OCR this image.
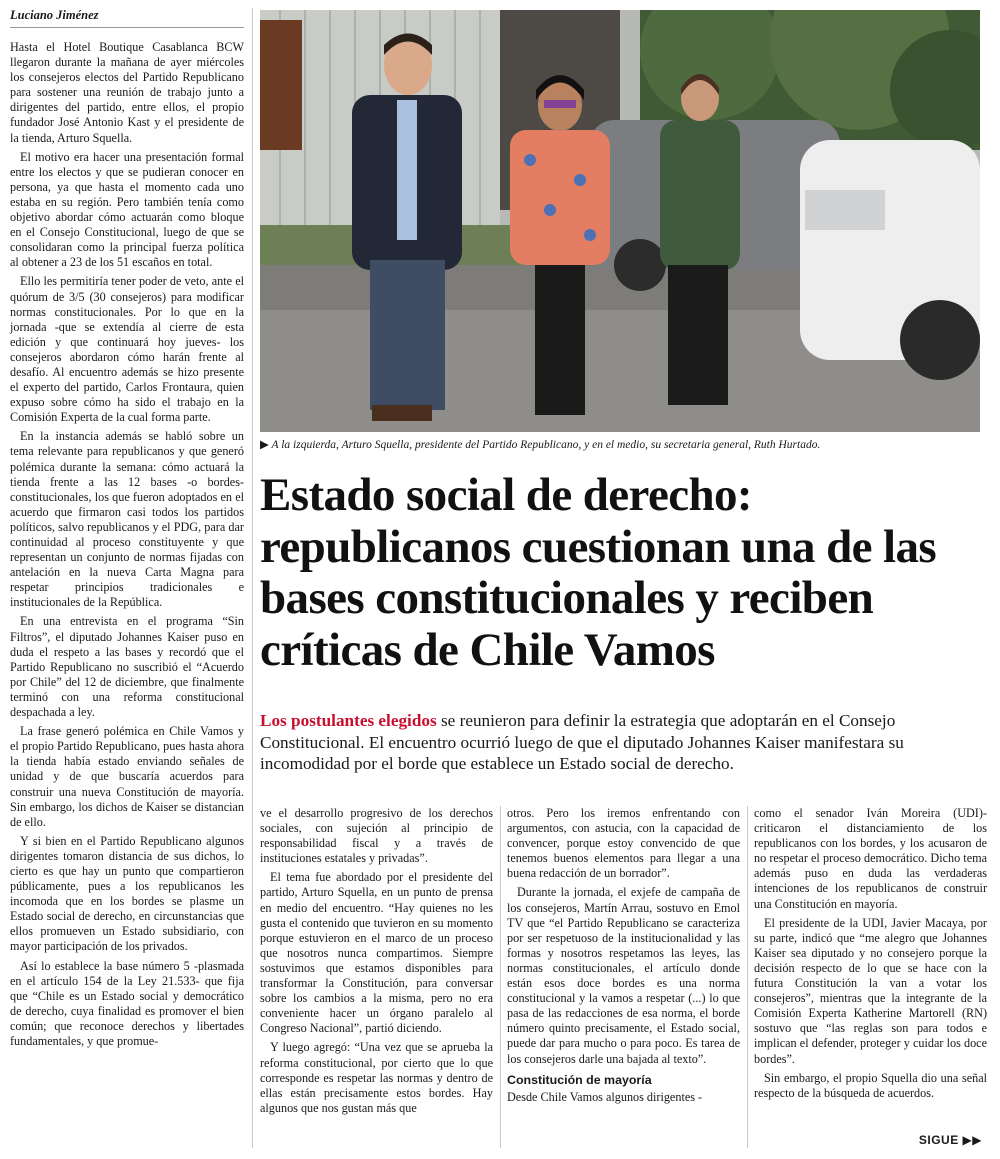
Luciano Jiménez

Hasta el Hotel Boutique Casablanca BCW llegaron durante la mañana de ayer miércoles los consejeros electos del Partido Republicano para sostener una reunión de trabajo junto a dirigentes del partido, entre ellos, el propio fundador José Antonio Kast y el presidente de la tienda, Arturo Squella.

El motivo era hacer una presentación formal entre los electos y que se pudieran conocer en persona, ya que hasta el momento cada uno estaba en su región. Pero también tenía como objetivo abordar cómo actuarán como bloque en el Consejo Constitucional, luego de que se consolidaran como la principal fuerza política al obtener a 23 de los 51 escaños en total.

Ello les permitiría tener poder de veto, ante el quórum de 3/5 (30 consejeros) para modificar normas constitucionales. Por lo que en la jornada -que se extendía al cierre de esta edición y que continuará hoy jueves- los consejeros abordaron cómo harán frente al desafío. Al encuentro además se hizo presente el experto del partido, Carlos Frontaura, quien expuso sobre cómo ha sido el trabajo en la Comisión Experta de la cual forma parte.

En la instancia además se habló sobre un tema relevante para republicanos y que generó polémica durante la semana: cómo actuará la tienda frente a las 12 bases -o bordes- constitucionales, los que fueron adoptados en el acuerdo que firmaron casi todos los partidos políticos, salvo republicanos y el PDG, para dar continuidad al proceso constituyente y que representan un conjunto de normas fijadas con antelación en la nueva Carta Magna para respetar principios tradicionales e institucionales de la República.

En una entrevista en el programa “Sin Filtros”, el diputado Johannes Kaiser puso en duda el respeto a las bases y recordó que el Partido Republicano no suscribió el “Acuerdo por Chile” del 12 de diciembre, que finalmente terminó con una reforma constitucional despachada a ley.

La frase generó polémica en Chile Vamos y el propio Partido Republicano, pues hasta ahora la tienda había estado enviando señales de unidad y de que buscaría acuerdos para construir una nueva Constitución de mayoría. Sin embargo, los dichos de Kaiser se distancian de ello.

Y si bien en el Partido Republicano algunos dirigentes tomaron distancia de sus dichos, lo cierto es que hay un punto que compartieron públicamente, pues a los republicanos les incomoda que en los bordes se plasme un Estado social de derecho, en circunstancias que ellos promueven un Estado subsidiario, con mayor participación de los privados.

Así lo establece la base número 5 -plasmada en el artículo 154 de la Ley 21.533- que fija que “Chile es un Estado social y democrático de derecho, cuya finalidad es promover el bien común; que reconoce derechos y libertades fundamentales, y que promue-

▶ A la izquierda, Arturo Squella, presidente del Partido Republicano, y en el medio, su secretaria general, Ruth Hurtado.
Estado social de derecho: republicanos cuestionan una de las bases constitucionales y reciben críticas de Chile Vamos

Los postulantes elegidos se reunieron para definir la estrategia que adoptarán en el Consejo Constitucional. El encuentro ocurrió luego de que el diputado Johannes Kaiser manifestara su incomodidad por el borde que establece un Estado social de derecho.

ve el desarrollo progresivo de los derechos sociales, con sujeción al principio de responsabilidad fiscal y a través de instituciones estatales y privadas”.

El tema fue abordado por el presidente del partido, Arturo Squella, en un punto de prensa en medio del encuentro. “Hay quienes no les gusta el contenido que tuvieron en su momento porque estuvieron en el marco de un proceso que nosotros nunca compartimos. Siempre sostuvimos que estamos disponibles para transformar la Constitución, para conversar sobre los cambios a la misma, pero no era conveniente hacer un órgano paralelo al Congreso Nacional”, partió diciendo.

Y luego agregó: “Una vez que se aprueba la reforma constitucional, por cierto que lo que corresponde es respetar las normas y dentro de ellas están precisamente estos bordes. Hay algunos que nos gustan más que

otros. Pero los iremos enfrentando con argumentos, con astucia, con la capacidad de convencer, porque estoy convencido de que tenemos buenos elementos para llegar a una buena redacción de un borrador”.

Durante la jornada, el exjefe de campaña de los consejeros, Martín Arrau, sostuvo en Emol TV que “el Partido Republicano se caracteriza por ser respetuoso de la institucionalidad y las formas y nosotros respetamos las leyes, las normas constitucionales, el artículo donde están esos doce bordes es una norma constitucional y la vamos a respetar (...) lo que pasa de las redacciones de esa norma, el borde número quinto precisamente, el Estado social, puede dar para mucho o para poco. Es tarea de los consejeros darle una bajada al texto”.

Constitución de mayoría

Desde Chile Vamos algunos dirigentes -

como el senador Iván Moreira (UDI)- criticaron el distanciamiento de los republicanos con los bordes, y los acusaron de no respetar el proceso democrático. Dicho tema además puso en duda las verdaderas intenciones de los republicanos de construir una Constitución en mayoría.

El presidente de la UDI, Javier Macaya, por su parte, indicó que “me alegro que Johannes Kaiser sea diputado y no consejero porque la decisión respecto de lo que se hace con la futura Constitución la van a votar los consejeros”, mientras que la integrante de la Comisión Experta Katherine Martorell (RN) sostuvo que “las reglas son para todos e implican el defender, proteger y cuidar los doce bordes”.

Sin embargo, el propio Squella dio una señal respecto de la búsqueda de acuerdos.

SIGUE ▶▶
